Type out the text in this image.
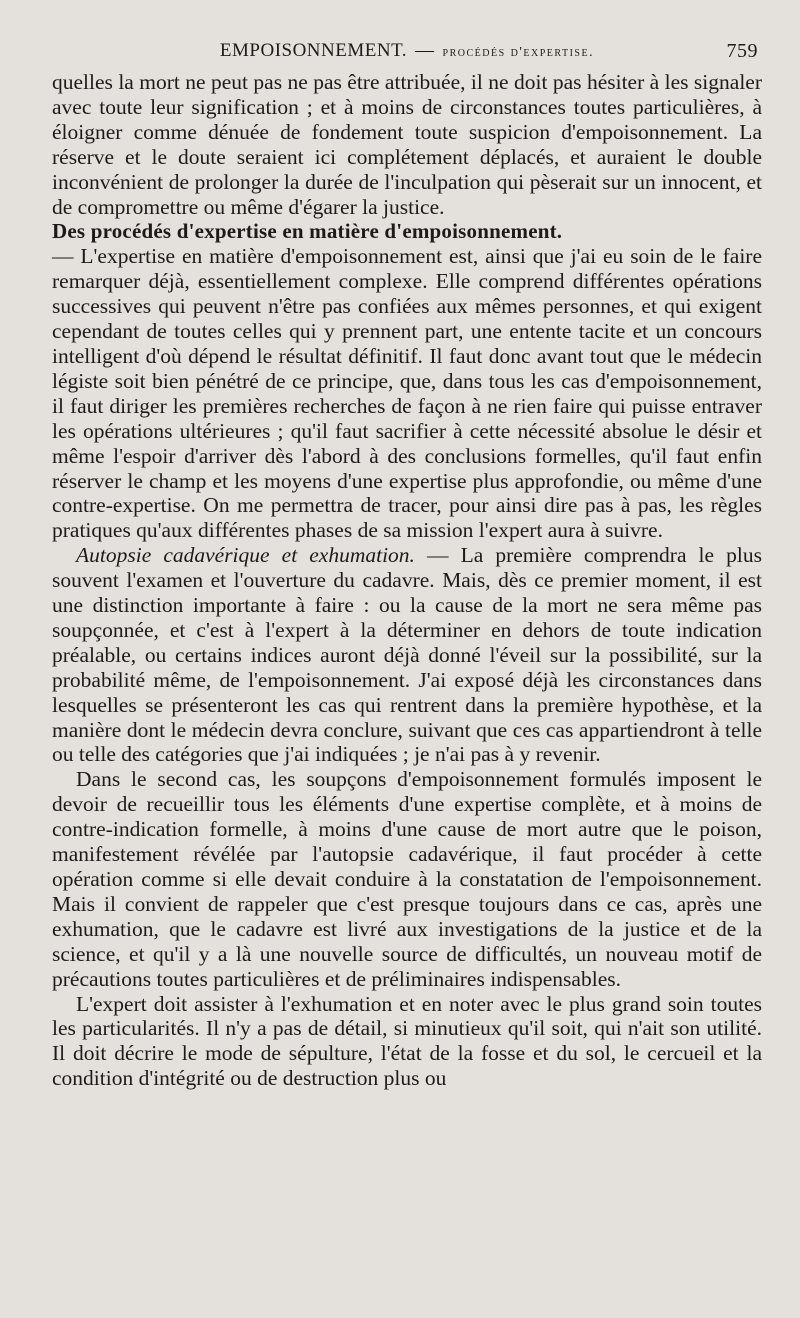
EMPOISONNEMENT. — procédés d'expertise.	759

quelles la mort ne peut pas ne pas être attribuée, il ne doit pas hésiter à les signaler avec toute leur signification ; et à moins de circonstances toutes particulières, à éloigner comme dénuée de fondement toute suspicion d'empoisonnement. La réserve et le doute seraient ici complétement déplacés, et auraient le double inconvénient de prolonger la durée de l'inculpation qui pèserait sur un innocent, et de compromettre ou même d'égarer la justice.

Des procédés d'expertise en matière d'empoisonnement.
— L'expertise en matière d'empoisonnement est, ainsi que j'ai eu soin de le faire remarquer déjà, essentiellement complexe. Elle comprend différentes opérations successives qui peuvent n'être pas confiées aux mêmes personnes, et qui exigent cependant de toutes celles qui y prennent part, une entente tacite et un concours intelligent d'où dépend le résultat définitif. Il faut donc avant tout que le médecin légiste soit bien pénétré de ce principe, que, dans tous les cas d'empoisonnement, il faut diriger les premières recherches de façon à ne rien faire qui puisse entraver les opérations ultérieures ; qu'il faut sacrifier à cette nécessité absolue le désir et même l'espoir d'arriver dès l'abord à des conclusions formelles, qu'il faut enfin réserver le champ et les moyens d'une expertise plus approfondie, ou même d'une contre-expertise. On me permettra de tracer, pour ainsi dire pas à pas, les règles pratiques qu'aux différentes phases de sa mission l'expert aura à suivre.

Autopsie cadavérique et exhumation. — La première comprendra le plus souvent l'examen et l'ouverture du cadavre. Mais, dès ce premier moment, il est une distinction importante à faire : ou la cause de la mort ne sera même pas soupçonnée, et c'est à l'expert à la déterminer en dehors de toute indication préalable, ou certains indices auront déjà donné l'éveil sur la possibilité, sur la probabilité même, de l'empoisonnement. J'ai exposé déjà les circonstances dans lesquelles se présenteront les cas qui rentrent dans la première hypothèse, et la manière dont le médecin devra conclure, suivant que ces cas appartiendront à telle ou telle des catégories que j'ai indiquées ; je n'ai pas à y revenir.

Dans le second cas, les soupçons d'empoisonnement formulés imposent le devoir de recueillir tous les éléments d'une expertise complète, et à moins de contre-indication formelle, à moins d'une cause de mort autre que le poison, manifestement révélée par l'autopsie cadavérique, il faut procéder à cette opération comme si elle devait conduire à la constatation de l'empoisonnement. Mais il convient de rappeler que c'est presque toujours dans ce cas, après une exhumation, que le cadavre est livré aux investigations de la justice et de la science, et qu'il y a là une nouvelle source de difficultés, un nouveau motif de précautions toutes particulières et de préliminaires indispensables.

L'expert doit assister à l'exhumation et en noter avec le plus grand soin toutes les particularités. Il n'y a pas de détail, si minutieux qu'il soit, qui n'ait son utilité. Il doit décrire le mode de sépulture, l'état de la fosse et du sol, le cercueil et la condition d'intégrité ou de destruction plus ou
